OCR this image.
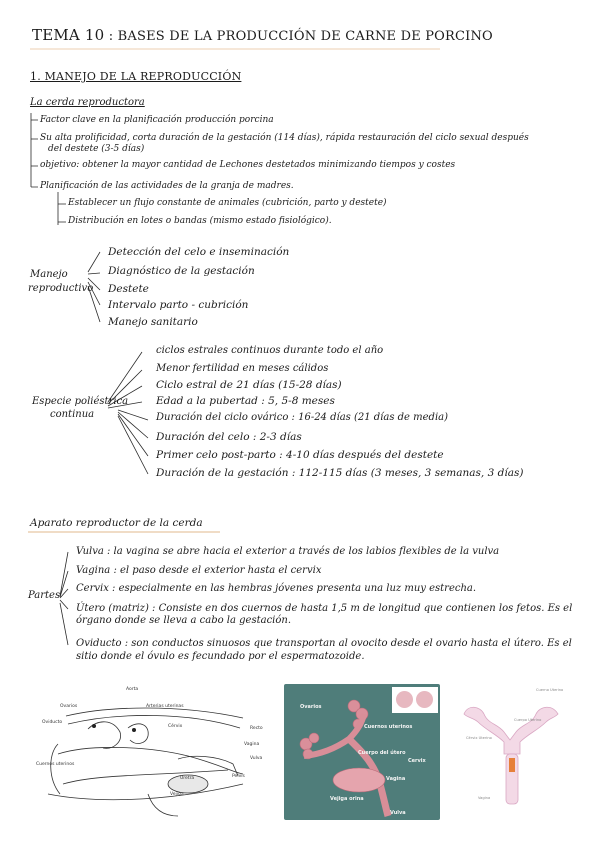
TEMA 10 : BASES DE LA PRODUCCIÓN DE CARNE DE PORCINO
1. MANEJO DE LA REPRODUCCIÓN
La cerda reproductora
Factor clave en la planificación producción porcina
Su alta prolificidad, corta duración de la gestación (114 días), rápida restauración del ciclo sexual después
del destete (3-5 días)
objetivo: obtener la mayor cantidad de Lechones destetados minimizando tiempos y costes
Planificación de las actividades de la granja de madres.
Establecer un flujo constante de animales (cubrición, parto y destete)
Distribución en lotes o bandas (mismo estado fisiológico).
Manejo
reproductivo
Detección del celo e inseminación
Diagnóstico de la gestación
Destete
Intervalo parto - cubrición
Manejo sanitario
Especie poliéstrica
continua
ciclos estrales continuos durante todo el año
Menor fertilidad en meses cálidos
Ciclo estral de 21 días (15-28 días)
Edad a la pubertad : 5, 5-8 meses
Duración del ciclo ovárico : 16-24 días (21 días de media)
Duración del celo : 2-3 días
Primer celo post-parto : 4-10 días después del destete
Duración de la gestación : 112-115 días (3 meses, 3 semanas, 3 días)
Aparato reproductor de la cerda
Partes
Vulva : la vagina se abre hacia el exterior a través de los labios flexibles de la vulva
Vagina : el paso desde el exterior hasta el cervix
Cervix : especialmente en las hembras jóvenes presenta una luz muy estrecha.
Útero (matriz) : Consiste en dos cuernos de hasta 1,5 m de longitud que contienen los fetos. Es el órgano donde se lleva a cabo la gestación.
Oviducto : son conductos sinuosos que transportan al ovocito desde el ovario hasta el útero. Es el sitio donde el óvulo es fecundado por el espermatozoide.
Aorta
Ovarios	Arterias uterinas
Oviducto
Cérvix	Recto
Cuernos uterinos
Vagina
Vulva
Uretra	Pelvis
Vejiga
Ovarios
Cuernos uterinos
Cuerpo del útero
Cervix
Vagina
Vejiga orina
Vulva
Cuerno Uterino
Cuerpo Uterino
Cérvix Uterino
Vagina
